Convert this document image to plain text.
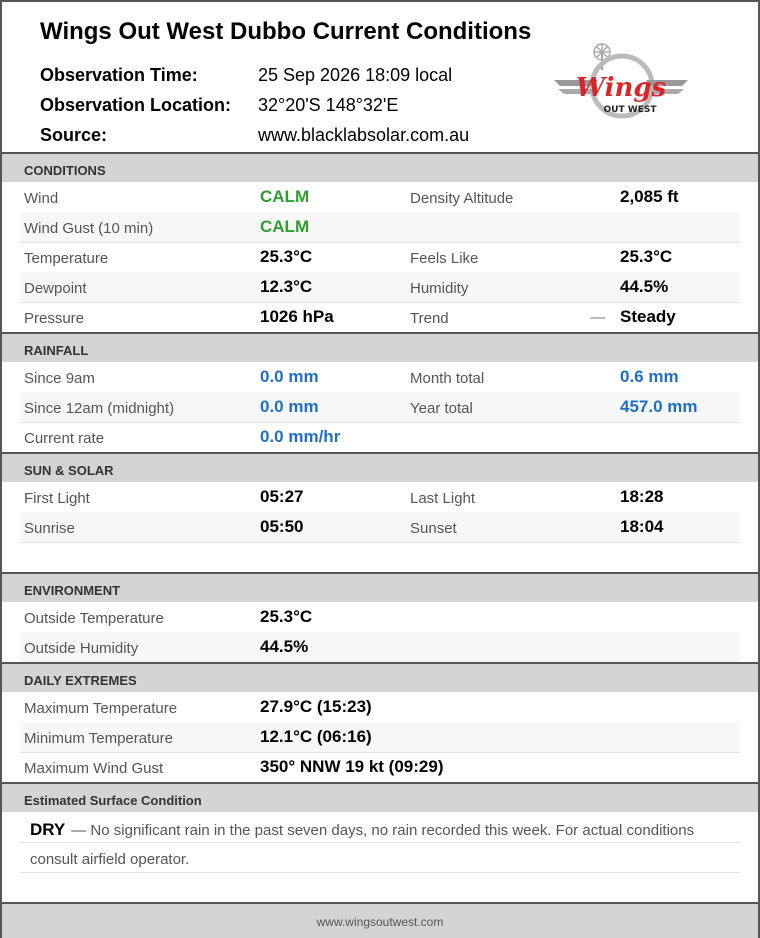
Wings Out West Dubbo Current Conditions
Observation Time:	25 Sep 2026 18:09 local
Observation Location: 32°20'S 148°32'E
Source:	www.blacklabsolar.com.au
Wings
OUT WEST
CONDITIONS
Wind	CALM	Density Altitude	2,085 ft
Wind Gust (10 min)	CALM
Temperature	25.3°C	Feels Like	25.3°C
Dewpoint	12.3°C	Humidity	44.5%
Pressure	1026 hPa	Trend	— Steady
RAINFALL
Since 9am	0.0 mm	Month total	0.6 mm
Since 12am (midnight)	0.0 mm	Year total	457.0 mm
Current rate	0.0 mm/hr
SUN & SOLAR
First Light	05:27	Last Light	18:28
Sunrise	05:50	Sunset	18:04
ENVIRONMENT
Outside Temperature	25.3°C
Outside Humidity	44.5%
DAILY EXTREMES
Maximum Temperature	27.9°C (15:23)
Minimum Temperature	12.1°C (06:16)
Maximum Wind Gust	350° NNW 19 kt (09:29)
Estimated Surface Condition
DRY — No significant rain in the past seven days, no rain recorded this week. For actual conditions
consult airfield operator.
www.wingsoutwest.com
